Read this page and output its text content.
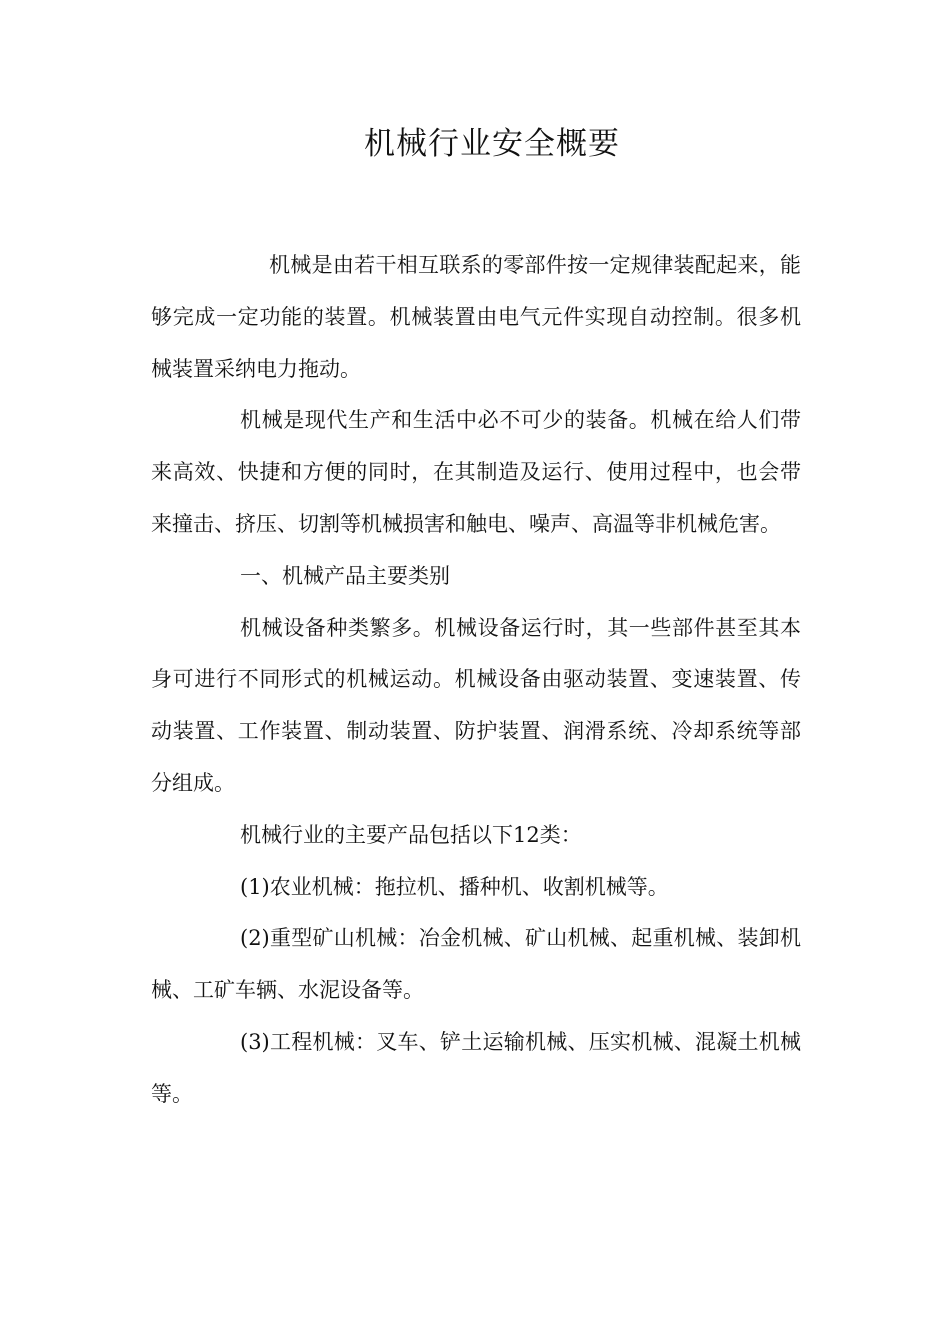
机械行业安全概要

机械是由若干相互联系的零部件按一定规律装配起来，能够完成一定功能的装置。机械装置由电气元件实现自动控制。很多机械装置采纳电力拖动。

机械是现代生产和生活中必不可少的装备。机械在给人们带来高效、快捷和方便的同时，在其制造及运行、使用过程中，也会带来撞击、挤压、切割等机械损害和触电、噪声、高温等非机械危害。

一、机械产品主要类别

机械设备种类繁多。机械设备运行时，其一些部件甚至其本身可进行不同形式的机械运动。机械设备由驱动装置、变速装置、传动装置、工作装置、制动装置、防护装置、润滑系统、冷却系统等部分组成。

机械行业的主要产品包括以下12类：

(1)农业机械：拖拉机、播种机、收割机械等。

(2)重型矿山机械：冶金机械、矿山机械、起重机械、装卸机械、工矿车辆、水泥设备等。

(3)工程机械：叉车、铲土运输机械、压实机械、混凝土机械等。
